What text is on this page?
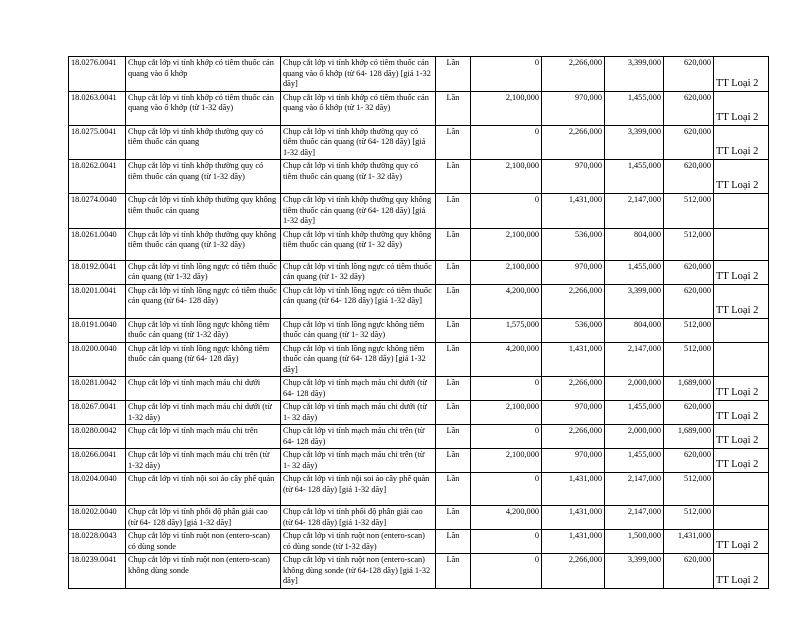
18.0276.0041	Chụp cắt lớp vi tính khớp có tiêm thuốc cản quang vào ổ khớp	Chụp cắt lớp vi tính khớp có tiêm thuốc cản quang vào ổ khớp (từ 64- 128 dãy) [giá 1-32 dãy]	Lần	0	2,266,000	3,399,000	620,000	TT Loại 2
18.0263.0041	Chụp cắt lớp vi tính khớp có tiêm thuốc cản quang vào ổ khớp (từ 1-32 dãy)	Chụp cắt lớp vi tính khớp có tiêm thuốc cản quang vào ổ khớp (từ 1- 32 dãy)	Lần	2,100,000	970,000	1,455,000	620,000	TT Loại 2
18.0275.0041	Chụp cắt lớp vi tính khớp thường quy có tiêm thuốc cản quang	Chụp cắt lớp vi tính khớp thường quy có tiêm thuốc cản quang (từ 64- 128 dãy) [giá 1-32 dãy]	Lần	0	2,266,000	3,399,000	620,000	TT Loại 2
18.0262.0041	Chụp cắt lớp vi tính khớp thường quy có tiêm thuốc cản quang (từ 1-32 dãy)	Chụp cắt lớp vi tính khớp thường quy có tiêm thuốc cản quang (từ 1- 32 dãy)	Lần	2,100,000	970,000	1,455,000	620,000	TT Loại 2
18.0274.0040	Chụp cắt lớp vi tính khớp thường quy không tiêm thuốc cản quang	Chụp cắt lớp vi tính khớp thường quy không tiêm thuốc cản quang (từ 64- 128 dãy) [giá 1-32 dãy]	Lần	0	1,431,000	2,147,000	512,000	
18.0261.0040	Chụp cắt lớp vi tính khớp thường quy không tiêm thuốc cản quang (từ 1-32 dãy)	Chụp cắt lớp vi tính khớp thường quy không tiêm thuốc cản quang (từ 1- 32 dãy)	Lần	2,100,000	536,000	804,000	512,000	
18.0192.0041	Chụp cắt lớp vi tính lồng ngực có tiêm thuốc cản quang (từ 1-32 dãy)	Chụp cắt lớp vi tính lồng ngực có tiêm thuốc cản quang (từ 1- 32 dãy)	Lần	2,100,000	970,000	1,455,000	620,000	TT Loại 2
18.0201.0041	Chụp cắt lớp vi tính lồng ngực có tiêm thuốc cản quang (từ 64- 128 dãy)	Chụp cắt lớp vi tính lồng ngực có tiêm thuốc cản quang (từ 64- 128 dãy) [giá 1-32 dãy]	Lần	4,200,000	2,266,000	3,399,000	620,000	TT Loại 2
18.0191.0040	Chụp cắt lớp vi tính lồng ngực không tiêm thuốc cản quang (từ 1-32 dãy)	Chụp cắt lớp vi tính lồng ngực không tiêm thuốc cản quang (từ 1- 32 dãy)	Lần	1,575,000	536,000	804,000	512,000	
18.0200.0040	Chụp cắt lớp vi tính lồng ngực không tiêm thuốc cản quang (từ 64- 128 dãy)	Chụp cắt lớp vi tính lồng ngực không tiêm thuốc cản quang (từ 64- 128 dãy) [giá 1-32 dãy]	Lần	4,200,000	1,431,000	2,147,000	512,000	
18.0281.0042	Chụp cắt lớp vi tính mạch máu chi dưới	Chụp cắt lớp vi tính mạch máu chi dưới (từ 64- 128 dãy)	Lần	0	2,266,000	2,000,000	1,689,000	TT Loại 2
18.0267.0041	Chụp cắt lớp vi tính mạch máu chi dưới (từ 1-32 dãy)	Chụp cắt lớp vi tính mạch máu chi dưới (từ 1- 32 dãy)	Lần	2,100,000	970,000	1,455,000	620,000	TT Loại 2
18.0280.0042	Chụp cắt lớp vi tính mạch máu chi trên	Chụp cắt lớp vi tính mạch máu chi trên (từ 64- 128 dãy)	Lần	0	2,266,000	2,000,000	1,689,000	TT Loại 2
18.0266.0041	Chụp cắt lớp vi tính mạch máu chi trên (từ 1-32 dãy)	Chụp cắt lớp vi tính mạch máu chi trên (từ 1- 32 dãy)	Lần	2,100,000	970,000	1,455,000	620,000	TT Loại 2
18.0204.0040	Chụp cắt lớp vi tính nội soi ảo cây phế quản	Chụp cắt lớp vi tính nội soi ảo cây phế quản (từ 64- 128 dãy) [giá 1-32 dãy]	Lần	0	1,431,000	2,147,000	512,000	
18.0202.0040	Chụp cắt lớp vi tính phổi độ phân giải cao (từ 64- 128 dãy) [giá 1-32 dãy]	Chụp cắt lớp vi tính phổi độ phân giải cao (từ 64- 128 dãy) [giá 1-32 dãy]	Lần	4,200,000	1,431,000	2,147,000	512,000	
18.0228.0043	Chụp cắt lớp vi tính ruột non (entero-scan) có dùng sonde	Chụp cắt lớp vi tính ruột non (entero-scan) có dùng sonde (từ 1-32 dãy)	Lần	0	1,431,000	1,500,000	1,431,000	TT Loại 2
18.0239.0041	Chụp cắt lớp vi tính ruột non (entero-scan) không dùng sonde	Chụp cắt lớp vi tính ruột non (entero-scan) không dùng sonde (từ 64-128 dãy) [giá 1-32 dãy]	Lần	0	2,266,000	3,399,000	620,000	TT Loại 2
